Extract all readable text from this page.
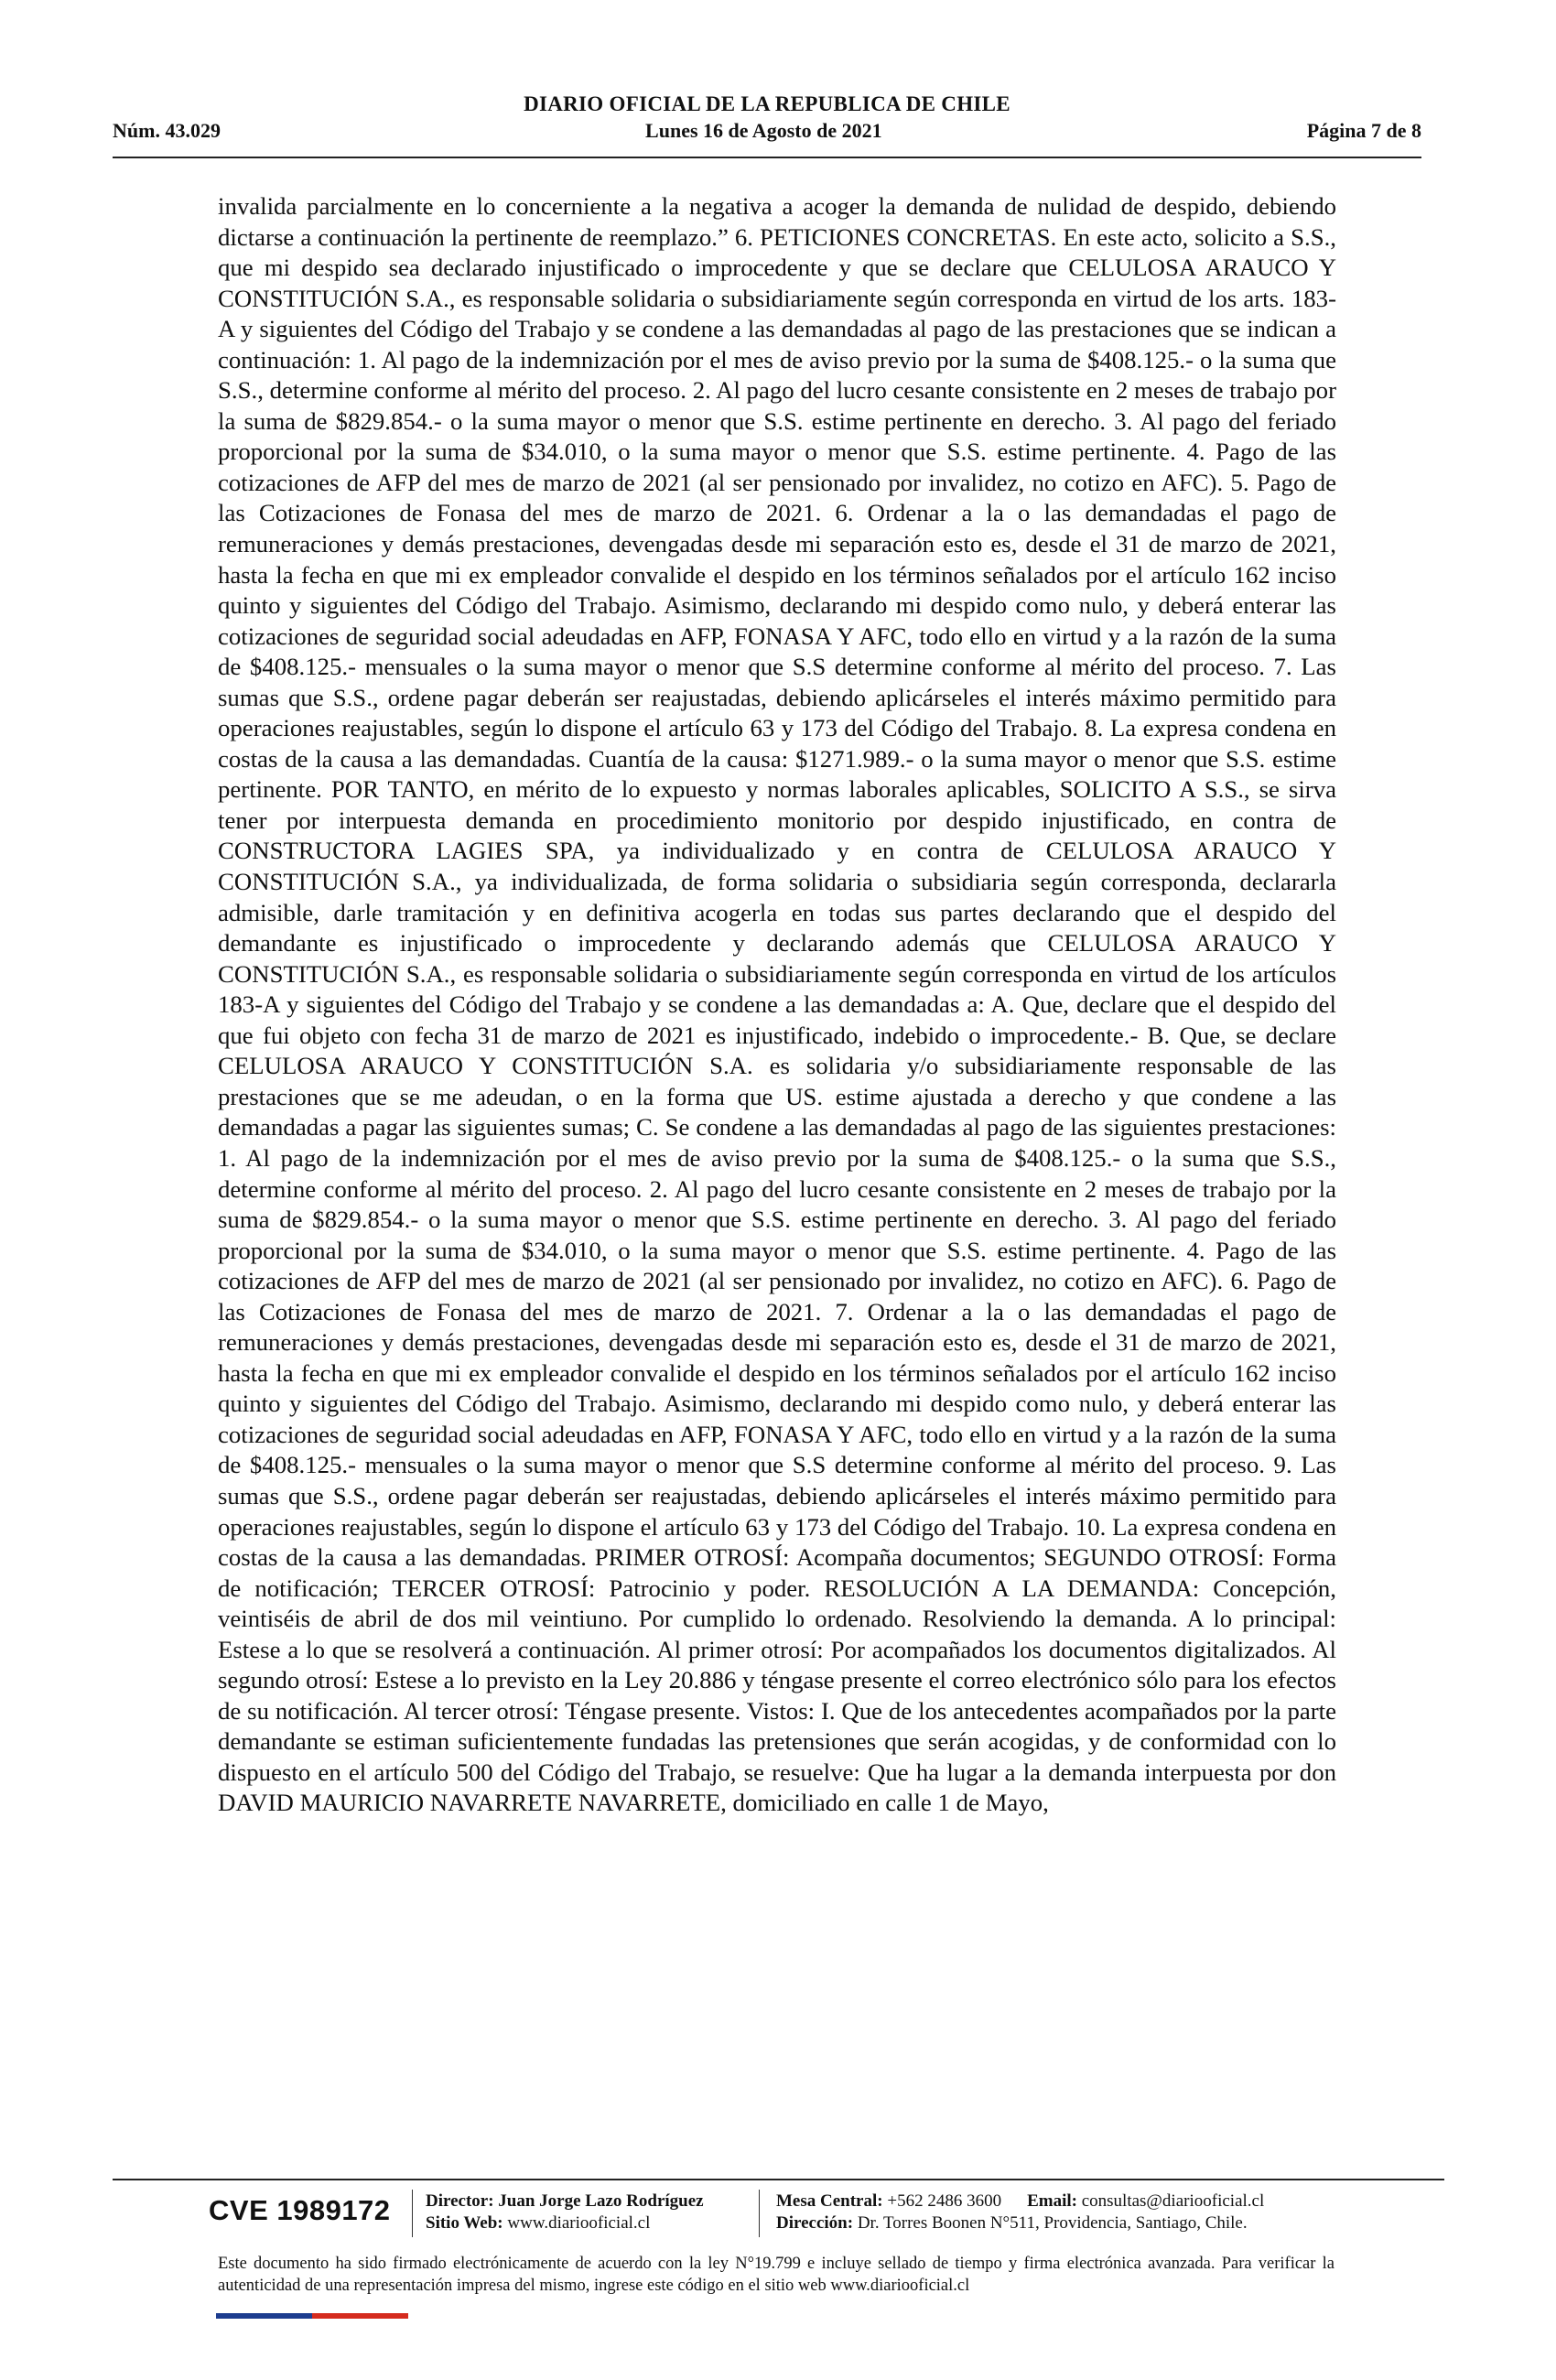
DIARIO OFICIAL DE LA REPUBLICA DE CHILE
Núm. 43.029	Lunes 16 de Agosto de 2021	Página 7 de 8

invalida parcialmente en lo concerniente a la negativa a acoger la demanda de nulidad de despido, debiendo dictarse a continuación la pertinente de reemplazo.” 6. PETICIONES CONCRETAS. En este acto, solicito a S.S., que mi despido sea declarado injustificado o improcedente y que se declare que CELULOSA ARAUCO Y CONSTITUCIÓN S.A., es responsable solidaria o subsidiariamente según corresponda en virtud de los arts. 183- A y siguientes del Código del Trabajo y se condene a las demandadas al pago de las prestaciones que se indican a continuación: 1. Al pago de la indemnización por el mes de aviso previo por la suma de $408.125.- o la suma que S.S., determine conforme al mérito del proceso. 2. Al pago del lucro cesante consistente en 2 meses de trabajo por la suma de $829.854.- o la suma mayor o menor que S.S. estime pertinente en derecho. 3. Al pago del feriado proporcional por la suma de $34.010, o la suma mayor o menor que S.S. estime pertinente. 4. Pago de las cotizaciones de AFP del mes de marzo de 2021 (al ser pensionado por invalidez, no cotizo en AFC). 5. Pago de las Cotizaciones de Fonasa del mes de marzo de 2021. 6. Ordenar a la o las demandadas el pago de remuneraciones y demás prestaciones, devengadas desde mi separación esto es, desde el 31 de marzo de 2021, hasta la fecha en que mi ex empleador convalide el despido en los términos señalados por el artículo 162 inciso quinto y siguientes del Código del Trabajo. Asimismo, declarando mi despido como nulo, y deberá enterar las cotizaciones de seguridad social adeudadas en AFP, FONASA Y AFC, todo ello en virtud y a la razón de la suma de $408.125.- mensuales o la suma mayor o menor que S.S determine conforme al mérito del proceso. 7. Las sumas que S.S., ordene pagar deberán ser reajustadas, debiendo aplicárseles el interés máximo permitido para operaciones reajustables, según lo dispone el artículo 63 y 173 del Código del Trabajo. 8. La expresa condena en costas de la causa a las demandadas. Cuantía de la causa: $1271.989.- o la suma mayor o menor que S.S. estime pertinente. POR TANTO, en mérito de lo expuesto y normas laborales aplicables, SOLICITO A S.S., se sirva tener por interpuesta demanda en procedimiento monitorio por despido injustificado, en contra de CONSTRUCTORA LAGIES SPA, ya individualizado y en contra de CELULOSA ARAUCO Y CONSTITUCIÓN S.A., ya individualizada, de forma solidaria o subsidiaria según corresponda, declararla admisible, darle tramitación y en definitiva acogerla en todas sus partes declarando que el despido del demandante es injustificado o improcedente y declarando además que CELULOSA ARAUCO Y CONSTITUCIÓN S.A., es responsable solidaria o subsidiariamente según corresponda en virtud de los artículos 183-A y siguientes del Código del Trabajo y se condene a las demandadas a: A. Que, declare que el despido del que fui objeto con fecha 31 de marzo de 2021 es injustificado, indebido o improcedente.- B. Que, se declare CELULOSA ARAUCO Y CONSTITUCIÓN S.A. es solidaria y/o subsidiariamente responsable de las prestaciones que se me adeudan, o en la forma que US. estime ajustada a derecho y que condene a las demandadas a pagar las siguientes sumas; C. Se condene a las demandadas al pago de las siguientes prestaciones: 1. Al pago de la indemnización por el mes de aviso previo por la suma de $408.125.- o la suma que S.S., determine conforme al mérito del proceso. 2. Al pago del lucro cesante consistente en 2 meses de trabajo por la suma de $829.854.- o la suma mayor o menor que S.S. estime pertinente en derecho. 3. Al pago del feriado proporcional por la suma de $34.010, o la suma mayor o menor que S.S. estime pertinente. 4. Pago de las cotizaciones de AFP del mes de marzo de 2021 (al ser pensionado por invalidez, no cotizo en AFC). 6. Pago de las Cotizaciones de Fonasa del mes de marzo de 2021. 7. Ordenar a la o las demandadas el pago de remuneraciones y demás prestaciones, devengadas desde mi separación esto es, desde el 31 de marzo de 2021, hasta la fecha en que mi ex empleador convalide el despido en los términos señalados por el artículo 162 inciso quinto y siguientes del Código del Trabajo. Asimismo, declarando mi despido como nulo, y deberá enterar las cotizaciones de seguridad social adeudadas en AFP, FONASA Y AFC, todo ello en virtud y a la razón de la suma de $408.125.- mensuales o la suma mayor o menor que S.S determine conforme al mérito del proceso. 9. Las sumas que S.S., ordene pagar deberán ser reajustadas, debiendo aplicárseles el interés máximo permitido para operaciones reajustables, según lo dispone el artículo 63 y 173 del Código del Trabajo. 10. La expresa condena en costas de la causa a las demandadas. PRIMER OTROSÍ: Acompaña documentos; SEGUNDO OTROSÍ: Forma de notificación; TERCER OTROSÍ: Patrocinio y poder. RESOLUCIÓN A LA DEMANDA: Concepción, veintiséis de abril de dos mil veintiuno. Por cumplido lo ordenado. Resolviendo la demanda. A lo principal: Estese a lo que se resolverá a continuación. Al primer otrosí: Por acompañados los documentos digitalizados. Al segundo otrosí: Estese a lo previsto en la Ley 20.886 y téngase presente el correo electrónico sólo para los efectos de su notificación. Al tercer otrosí: Téngase presente. Vistos: I. Que de los antecedentes acompañados por la parte demandante se estiman suficientemente fundadas las pretensiones que serán acogidas, y de conformidad con lo dispuesto en el artículo 500 del Código del Trabajo, se resuelve: Que ha lugar a la demanda interpuesta por don DAVID MAURICIO NAVARRETE NAVARRETE, domiciliado en calle 1 de Mayo,

CVE 1989172 Director: Juan Jorge Lazo Rodríguez
Sitio Web: www.diariooficial.cl
Mesa Central: +562 2486 3600 Email: consultas@diariooficial.cl
Dirección: Dr. Torres Boonen N°511, Providencia, Santiago, Chile.
Este documento ha sido firmado electrónicamente de acuerdo con la ley N°19.799 e incluye sellado de tiempo y firma electrónica avanzada. Para verificar la autenticidad de una representación impresa del mismo, ingrese este código en el sitio web www.diariooficial.cl
